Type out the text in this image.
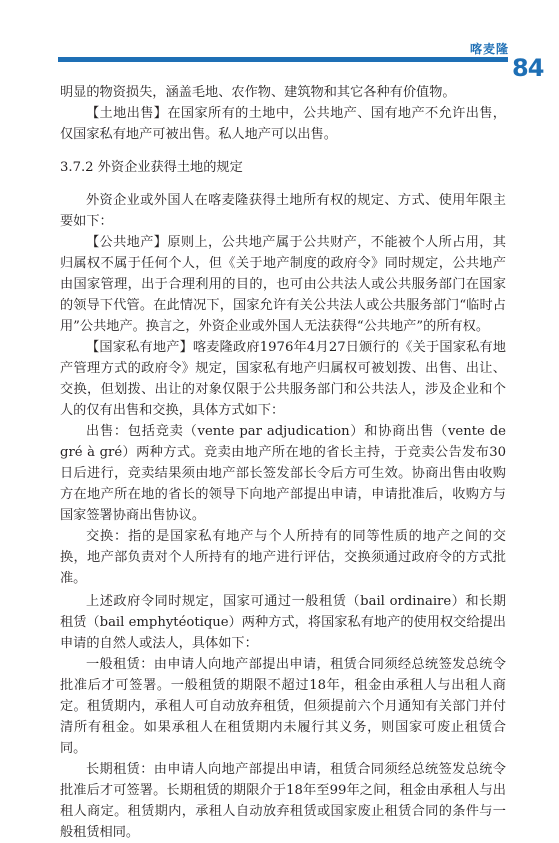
喀麦隆
84

明显的物资损失，涵盖毛地、农作物、建筑物和其它各种有价值物。

【土地出售】在国家所有的土地中，公共地产、国有地产不允许出售，仅国家私有地产可被出售。私人地产可以出售。

3.7.2 外资企业获得土地的规定

外资企业或外国人在喀麦隆获得土地所有权的规定、方式、使用年限主要如下：

【公共地产】原则上，公共地产属于公共财产，不能被个人所占用，其归属权不属于任何个人，但《关于地产制度的政府令》同时规定，公共地产由国家管理，出于合理利用的目的，也可由公共法人或公共服务部门在国家的领导下代管。在此情况下，国家允许有关公共法人或公共服务部门“临时占用”公共地产。换言之，外资企业或外国人无法获得“公共地产”的所有权。

【国家私有地产】喀麦隆政府1976年4月27日颁行的《关于国家私有地产管理方式的政府令》规定，国家私有地产归属权可被划拨、出售、出让、交换，但划拨、出让的对象仅限于公共服务部门和公共法人，涉及企业和个人的仅有出售和交换，具体方式如下：

出售：包括竞卖（vente par adjudication）和协商出售（vente de gré à gré）两种方式。竞卖由地产所在地的省长主持，于竞卖公告发布30日后进行，竞卖结果须由地产部长签发部长令后方可生效。协商出售由收购方在地产所在地的省长的领导下向地产部提出申请，申请批准后，收购方与国家签署协商出售协议。

交换：指的是国家私有地产与个人所持有的同等性质的地产之间的交换，地产部负责对个人所持有的地产进行评估，交换须通过政府令的方式批准。

上述政府令同时规定，国家可通过一般租赁（bail ordinaire）和长期租赁（bail emphytéotique）两种方式，将国家私有地产的使用权交给提出申请的自然人或法人，具体如下：

一般租赁：由申请人向地产部提出申请，租赁合同须经总统签发总统令批准后才可签署。一般租赁的期限不超过18年，租金由承租人与出租人商定。租赁期内，承租人可自动放弃租赁，但须提前六个月通知有关部门并付清所有租金。如果承租人在租赁期内未履行其义务，则国家可废止租赁合同。

长期租赁：由申请人向地产部提出申请，租赁合同须经总统签发总统令批准后才可签署。长期租赁的期限介于18年至99年之间，租金由承租人与出租人商定。租赁期内，承租人自动放弃租赁或国家废止租赁合同的条件与一般租赁相同。
